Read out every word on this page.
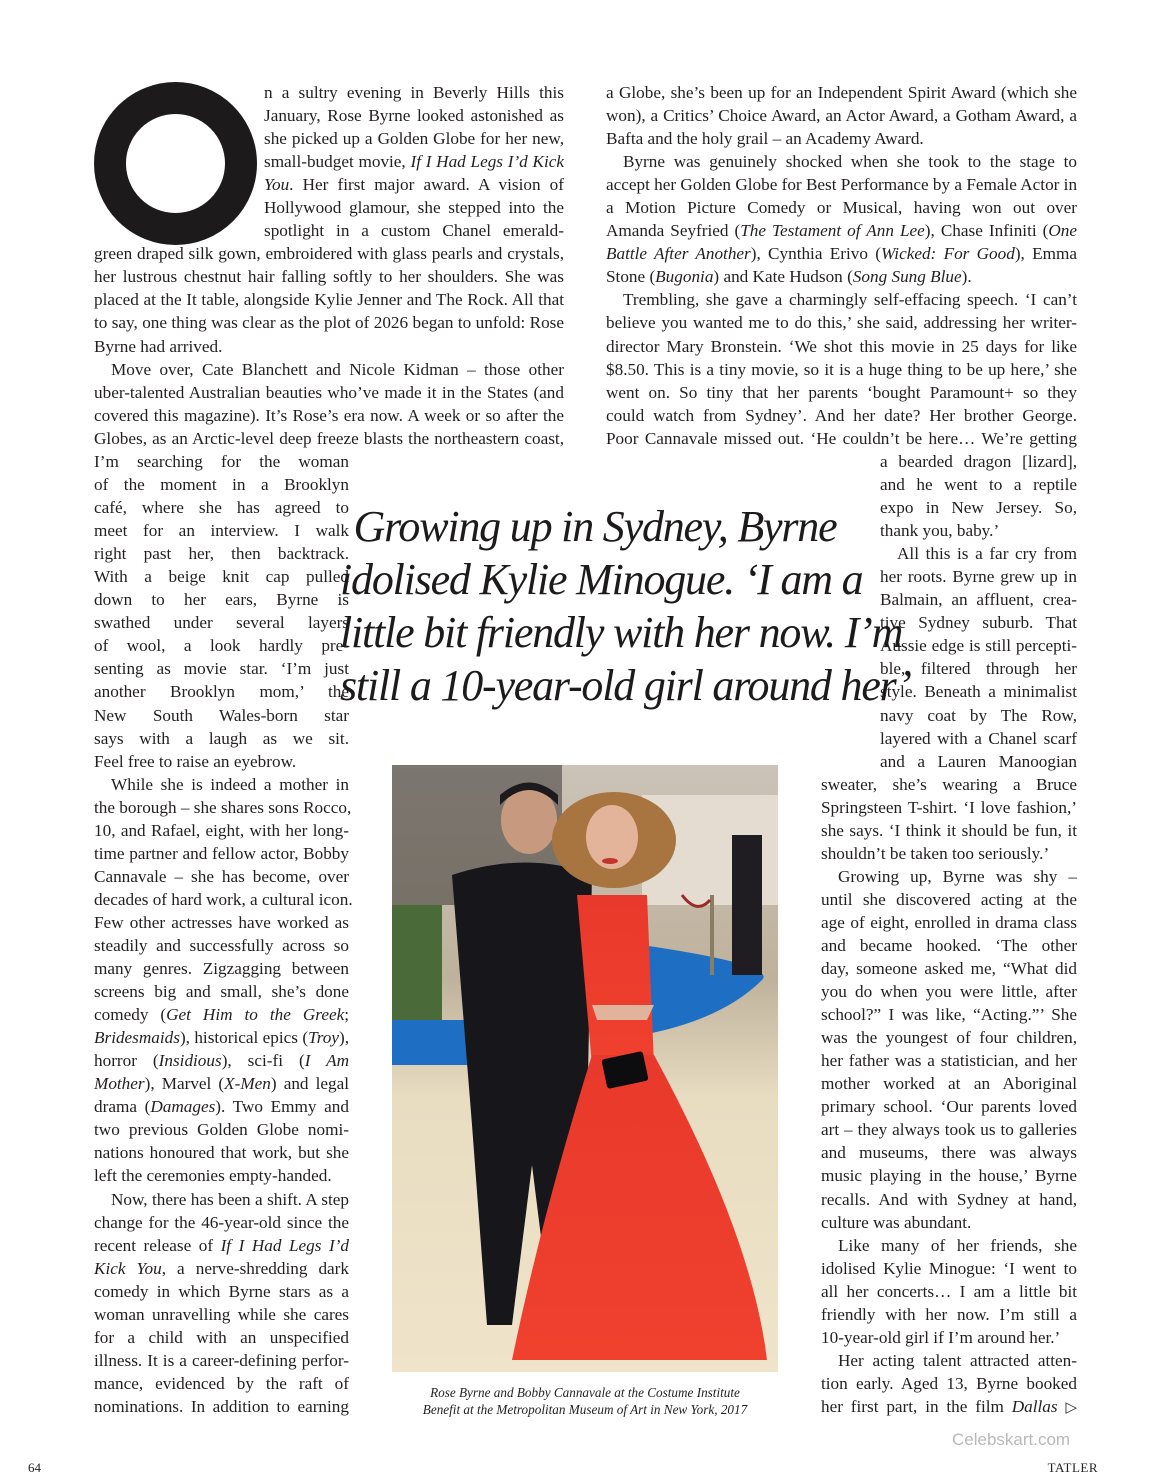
n a sultry evening in Beverly Hills this
January, Rose Byrne looked astonished as
she picked up a Golden Globe for her new,
small-budget movie, If I Had Legs I’d Kick
You. Her first major award. A vision of
Hollywood glamour, she stepped into the
spotlight in a custom Chanel emerald-
green draped silk gown, embroidered with glass pearls and crystals,
her lustrous chestnut hair falling softly to her shoulders. She was
placed at the It table, alongside Kylie Jenner and The Rock. All that
to say, one thing was clear as the plot of 2026 began to unfold: Rose
Byrne had arrived.
Move over, Cate Blanchett and Nicole Kidman – those other
uber-talented Australian beauties who’ve made it in the States (and
covered this magazine). It’s Rose’s era now. A week or so after the
Globes, as an Arctic-level deep freeze blasts the northeastern coast,
a Globe, she’s been up for an Independent Spirit Award (which she
won), a Critics’ Choice Award, an Actor Award, a Gotham Award, a
Bafta and the holy grail – an Academy Award.
Byrne was genuinely shocked when she took to the stage to
accept her Golden Globe for Best Performance by a Female Actor in
a Motion Picture Comedy or Musical, having won out over
Amanda Seyfried (The Testament of Ann Lee), Chase Infiniti (One
Battle After Another), Cynthia Erivo (Wicked: For Good), Emma
Stone (Bugonia) and Kate Hudson (Song Sung Blue).
Trembling, she gave a charmingly self-effacing speech. ‘I can’t
believe you wanted me to do this,’ she said, addressing her writer-
director Mary Bronstein. ‘We shot this movie in 25 days for like
$8.50. This is a tiny movie, so it is a huge thing to be up here,’ she
went on. So tiny that her parents ‘bought Paramount+ so they
could watch from Sydney’. And her date? Her brother George.
Poor Cannavale missed out. ‘He couldn’t be here… We’re getting
I’m searching for the woman
of the moment in a Brooklyn
café, where she has agreed to
meet for an interview. I walk
right past her, then backtrack.
With a beige knit cap pulled
down to her ears, Byrne is
swathed under several layers
of wool, a look hardly pre-
senting as movie star. ‘I’m just
another Brooklyn mom,’ the
New South Wales-born star
says with a laugh as we sit.
Feel free to raise an eyebrow.
While she is indeed a mother in
the borough – she shares sons Rocco,
10, and Rafael, eight, with her long-
time partner and fellow actor, Bobby
Cannavale – she has become, over
decades of hard work, a cultural icon.
Few other actresses have worked as
steadily and successfully across so
many genres. Zigzagging between
screens big and small, she’s done
comedy (Get Him to the Greek;
Bridesmaids), historical epics (Troy),
horror (Insidious), sci-fi (I Am
Mother), Marvel (X-Men) and legal
drama (Damages). Two Emmy and
two previous Golden Globe nomi-
nations honoured that work, but she
left the ceremonies empty-handed.
Now, there has been a shift. A step
change for the 46-year-old since the
recent release of If I Had Legs I’d
Kick You, a nerve-shredding dark
comedy in which Byrne stars as a
woman unravelling while she cares
for a child with an unspecified
illness. It is a career-defining perfor-
mance, evidenced by the raft of
nominations. In addition to earning
a bearded dragon [lizard],
and he went to a reptile
expo in New Jersey. So,
thank you, baby.’
All this is a far cry from
her roots. Byrne grew up in
Balmain, an affluent, crea-
tive Sydney suburb. That
Aussie edge is still percepti-
ble, filtered through her
style. Beneath a minimalist
navy coat by The Row,
layered with a Chanel scarf
and a Lauren Manoogian
sweater, she’s wearing a Bruce
Springsteen T-shirt. ‘I love fashion,’
she says. ‘I think it should be fun, it
shouldn’t be taken too seriously.’
Growing up, Byrne was shy –
until she discovered acting at the
age of eight, enrolled in drama class
and became hooked. ‘The other
day, someone asked me, “What did
you do when you were little, after
school?” I was like, “Acting.”’ She
was the youngest of four children,
her father was a statistician, and her
mother worked at an Aboriginal
primary school. ‘Our parents loved
art – they always took us to galleries
and museums, there was always
music playing in the house,’ Byrne
recalls. And with Sydney at hand,
culture was abundant.
Like many of her friends, she
idolised Kylie Minogue: ‘I went to
all her concerts… I am a little bit
friendly with her now. I’m still a
10-year-old girl if I’m around her.’
Her acting talent attracted atten-
tion early. Aged 13, Byrne booked
her first part, in the film Dallas ▷
Growing up in Sydney, Byrne
idolised Kylie Minogue. ‘I am a
little bit friendly with her now. I’m
still a 10-year-old girl around her’
Rose Byrne and Bobby Cannavale at the Costume Institute
Benefit at the Metropolitan Museum of Art in New York, 2017
64
Celebskart.com
TATLER
